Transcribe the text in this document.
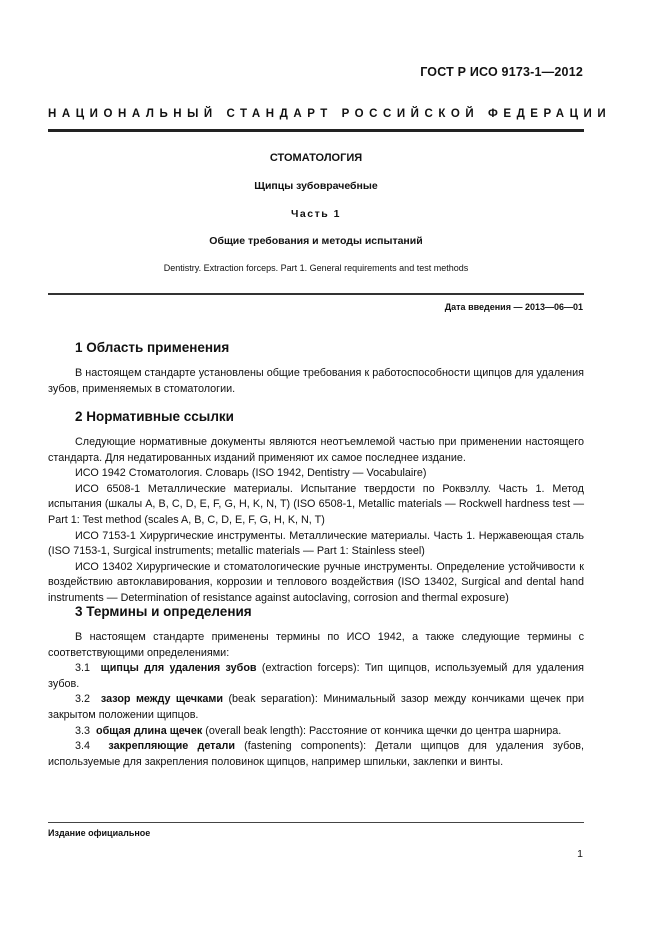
ГОСТ Р ИСО 9173-1—2012
НАЦИОНАЛЬНЫЙ СТАНДАРТ РОССИЙСКОЙ ФЕДЕРАЦИИ
СТОМАТОЛОГИЯ
Щипцы зубоврачебные
Часть 1
Общие требования и методы испытаний
Dentistry. Extraction forceps. Part 1. General requirements and test methods
Дата введения — 2013—06—01
1 Область применения

В настоящем стандарте установлены общие требования к работоспособности щипцов для удаления зубов, применяемых в стоматологии.

2 Нормативные ссылки

Следующие нормативные документы являются неотъемлемой частью при применении настоящего стандарта. Для недатированных изданий применяют их самое последнее издание.

ИСО 1942 Стоматология. Словарь (ISO 1942, Dentistry — Vocabulaire)

ИСО 6508-1 Металлические материалы. Испытание твердости по Роквэллу. Часть 1. Метод испытания (шкалы A, B, C, D, E, F, G, H, K, N, T) (ISO 6508-1, Metallic materials — Rockwell hardness test — Part 1: Test method (scales A, B, C, D, E, F, G, H, K, N, T)

ИСО 7153-1 Хирургические инструменты. Металлические материалы. Часть 1. Нержавеющая сталь (ISO 7153-1, Surgical instruments; metallic materials — Part 1: Stainless steel)

ИСО 13402 Хирургические и стоматологические ручные инструменты. Определение устойчивости к воздействию автоклавирования, коррозии и теплового воздействия (ISO 13402, Surgical and dental hand instruments — Determination of resistance against autoclaving, corrosion and thermal exposure)

3 Термины и определения

В настоящем стандарте применены термины по ИСО 1942, а также следующие термины с соответствующими определениями:

3.1 щипцы для удаления зубов (extraction forceps): Тип щипцов, используемый для удаления зубов.

3.2 зазор между щечками (beak separation): Минимальный зазор между кончиками щечек при закрытом положении щипцов.

3.3 общая длина щечек (overall beak length): Расстояние от кончика щечки до центра шарнира.

3.4 закрепляющие детали (fastening components): Детали щипцов для удаления зубов, используемые для закрепления половинок щипцов, например шпильки, заклепки и винты.

Издание официальное
1
